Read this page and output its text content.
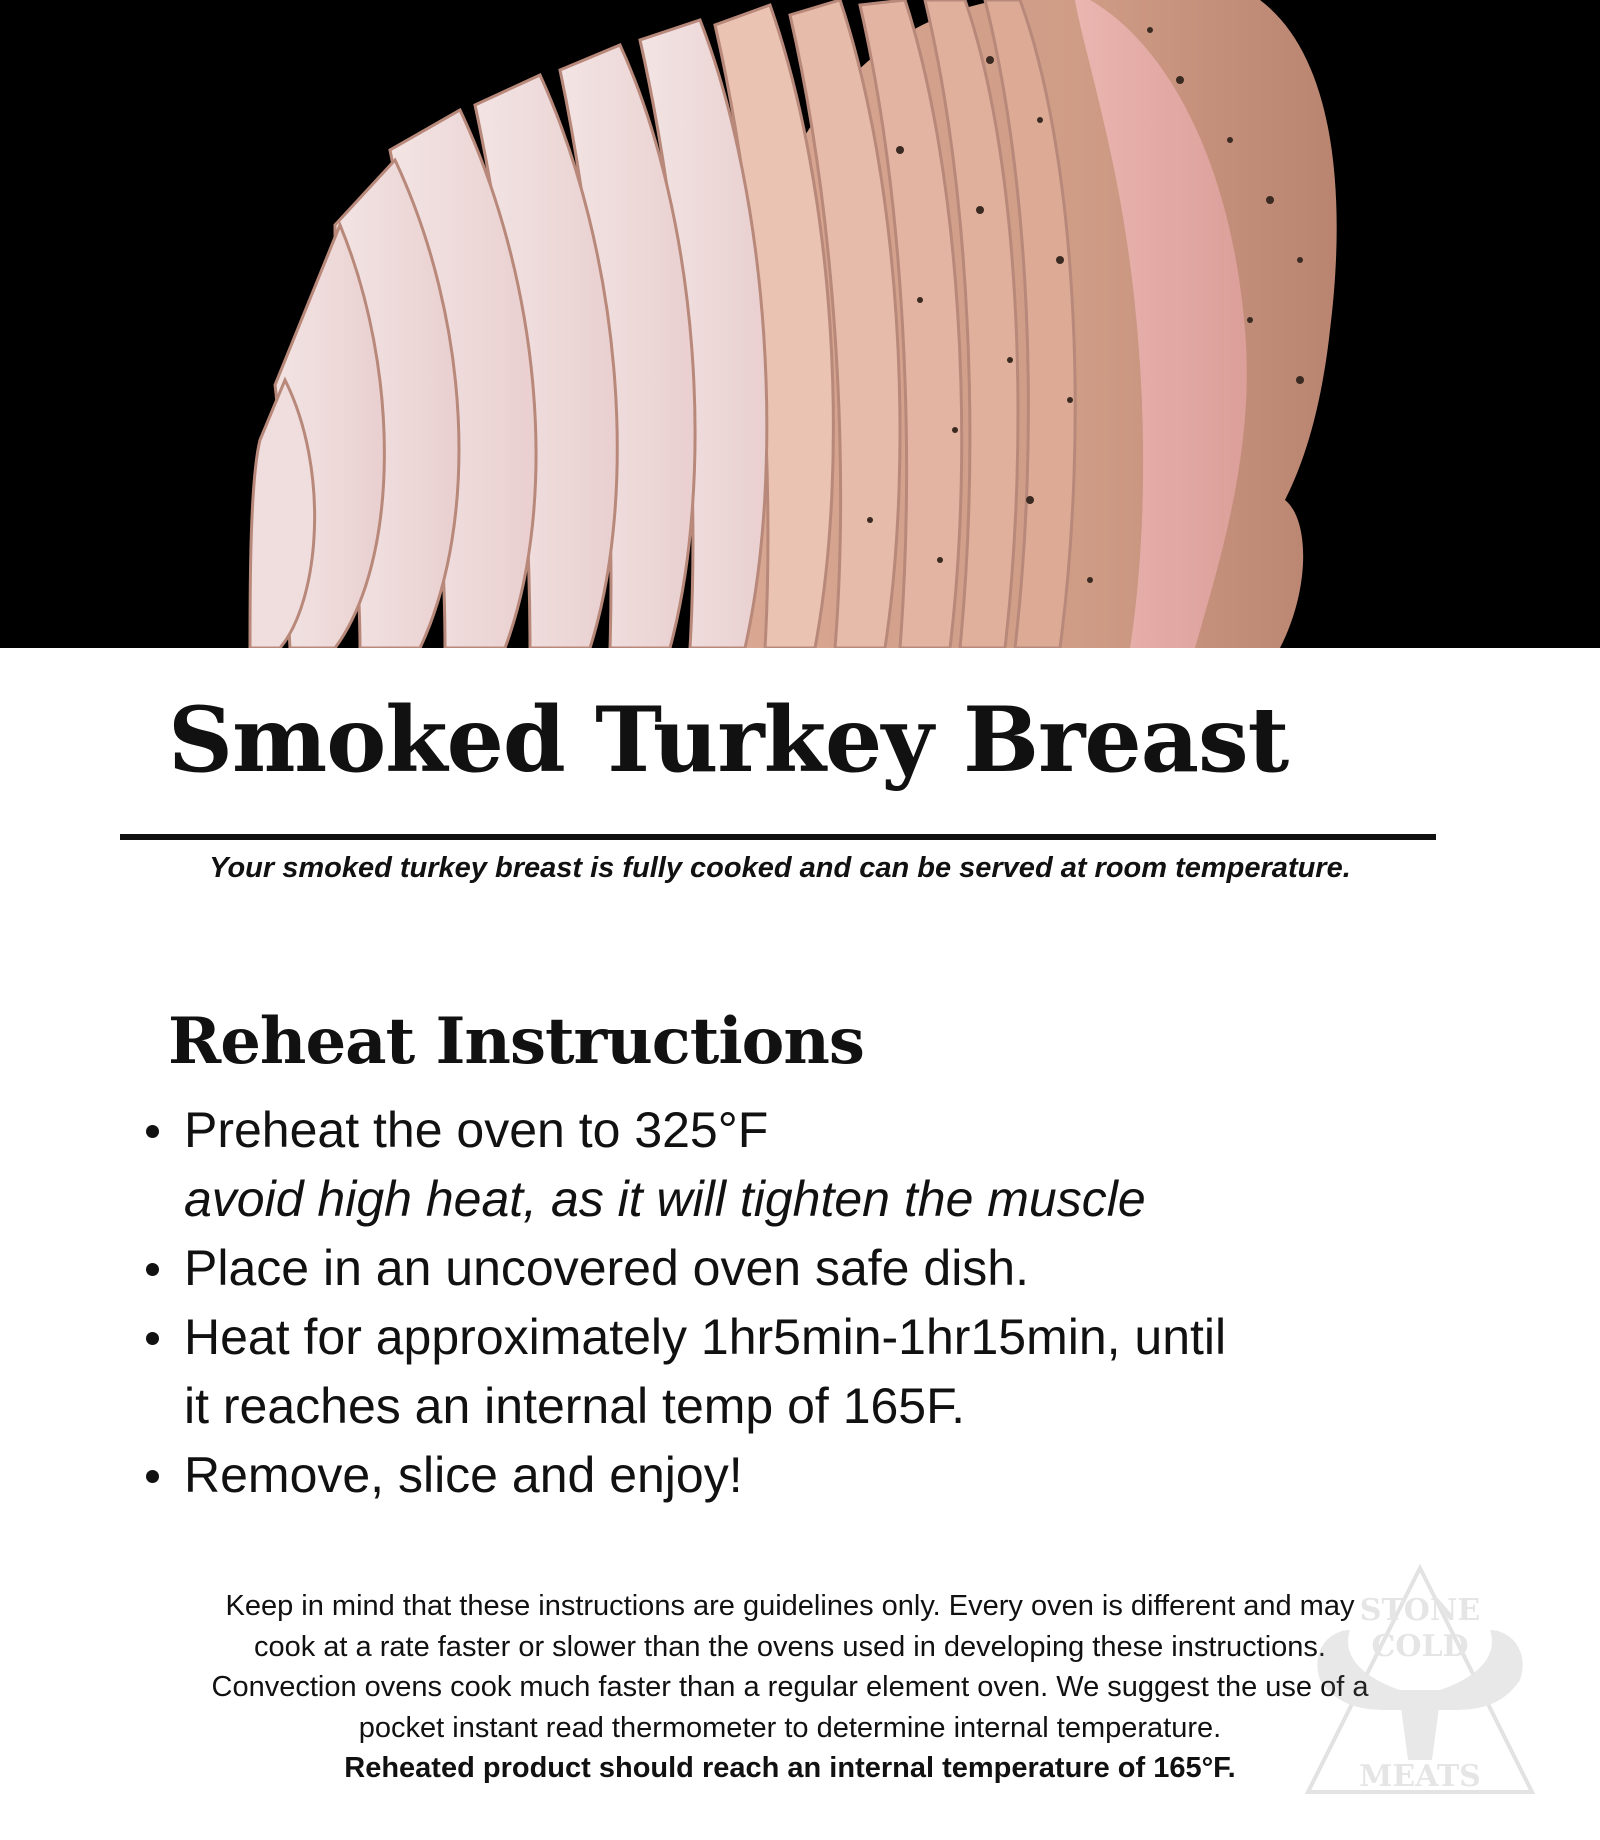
Smoked Turkey Breast
Your smoked turkey breast is fully cooked and can be served at room temperature.
Reheat Instructions
Preheat the oven to 325°F
avoid high heat, as it will tighten the muscle
Place in an uncovered oven safe dish.
Heat for approximately 1hr5min-1hr15min, until
it reaches an internal temp of 165F.
Remove, slice and enjoy!
Keep in mind that these instructions are guidelines only. Every oven is different and may
cook at a rate faster or slower than the ovens used in developing these instructions.
Convection ovens cook much faster than a regular element oven. We suggest the use of a
pocket instant read thermometer to determine internal temperature.
Reheated product should reach an internal temperature of 165°F.
STONE
COLD
MEATS
